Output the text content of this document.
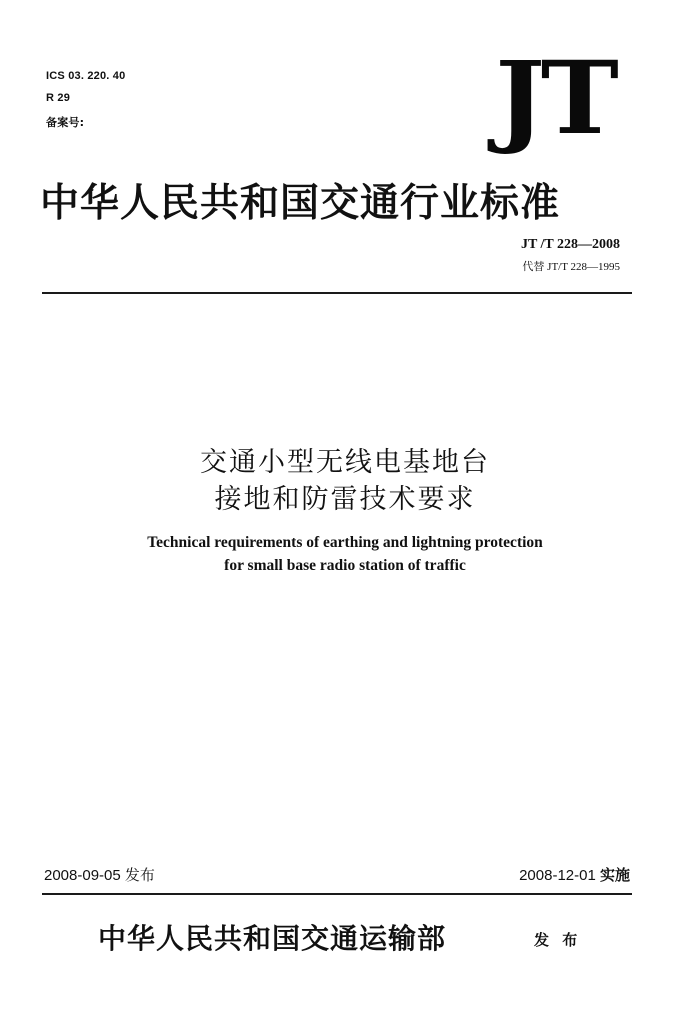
ICS 03. 220. 40
R 29
备案号:	JT
中华人民共和国交通行业标准
JT /T 228—2008
代替 JT/T 228—1995
交通小型无线电基地台
接地和防雷技术要求
Technical requirements of earthing and lightning protection
for small base radio station of traffic
2008-09-05 发布	2008-12-01 实施
中华人民共和国交通运输部	发 布
